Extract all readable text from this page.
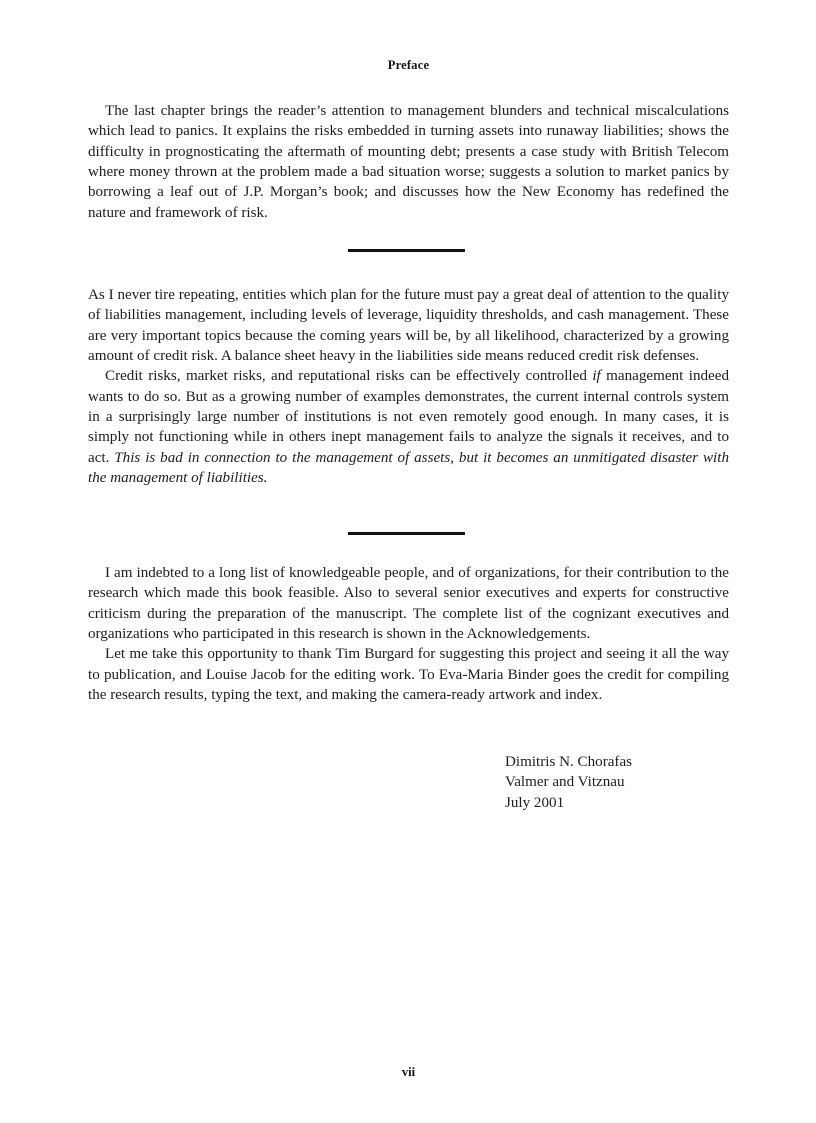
Preface

The last chapter brings the reader’s attention to management blunders and technical miscalculations which lead to panics. It explains the risks embedded in turning assets into runaway liabilities; shows the difficulty in prognosticating the aftermath of mounting debt; presents a case study with British Telecom where money thrown at the problem made a bad situation worse; suggests a solution to market panics by borrowing a leaf out of J.P. Morgan’s book; and discusses how the New Economy has redefined the nature and framework of risk.

As I never tire repeating, entities which plan for the future must pay a great deal of attention to the quality of liabilities management, including levels of leverage, liquidity thresholds, and cash management. These are very important topics because the coming years will be, by all likelihood, characterized by a growing amount of credit risk. A balance sheet heavy in the liabilities side means reduced credit risk defenses.

Credit risks, market risks, and reputational risks can be effectively controlled if management indeed wants to do so. But as a growing number of examples demonstrates, the current internal controls system in a surprisingly large number of institutions is not even remotely good enough. In many cases, it is simply not functioning while in others inept management fails to analyze the signals it receives, and to act. This is bad in connection to the management of assets, but it becomes an unmitigated disaster with the management of liabilities.

I am indebted to a long list of knowledgeable people, and of organizations, for their contribution to the research which made this book feasible. Also to several senior executives and experts for constructive criticism during the preparation of the manuscript. The complete list of the cognizant executives and organizations who participated in this research is shown in the Acknowledgements.

Let me take this opportunity to thank Tim Burgard for suggesting this project and seeing it all the way to publication, and Louise Jacob for the editing work. To Eva-Maria Binder goes the credit for compiling the research results, typing the text, and making the camera-ready artwork and index.

Dimitris N. Chorafas
Valmer and Vitznau
July 2001
vii
